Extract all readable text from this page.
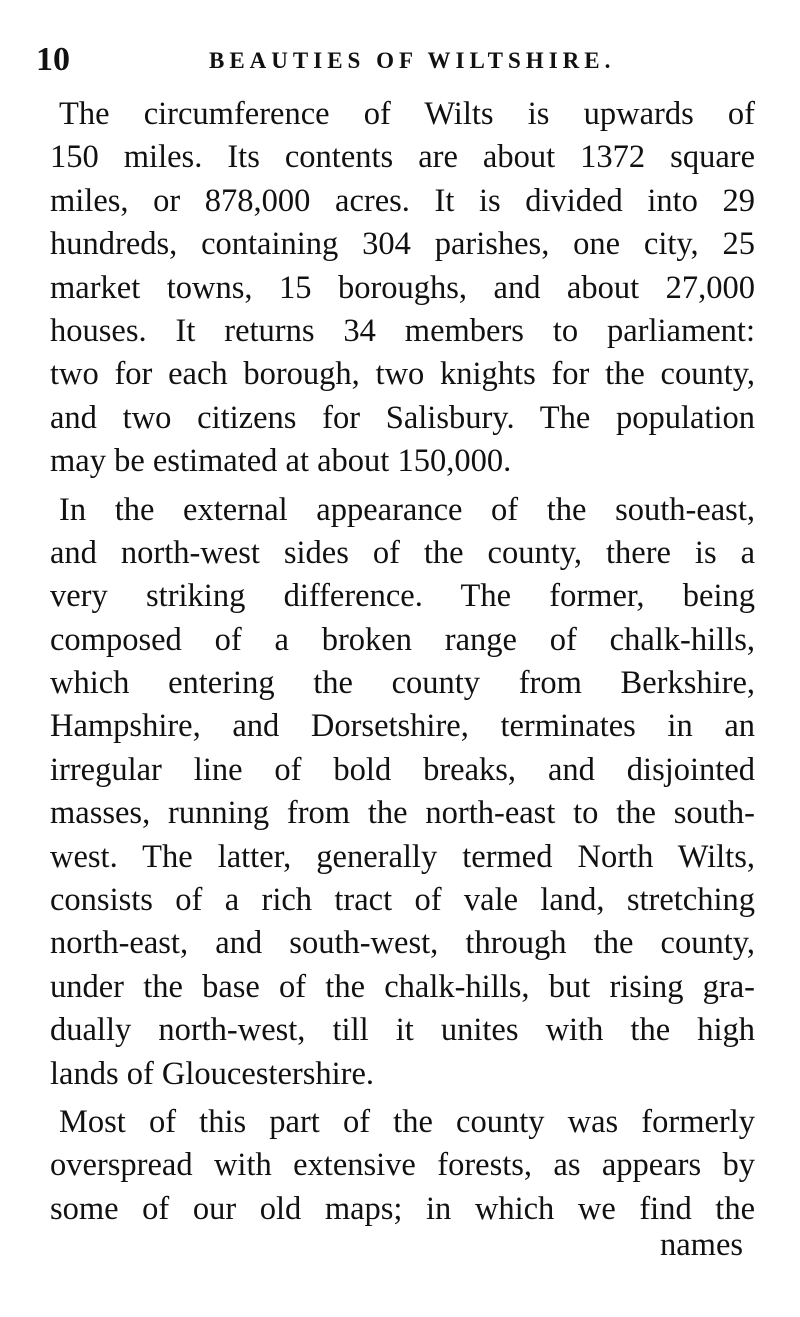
10	BEAUTIES OF WILTSHIRE.
The circumference of Wilts is upwards of
150 miles. Its contents are about 1372 square
miles, or 878,000 acres. It is divided into 29
hundreds, containing 304 parishes, one city, 25
market towns, 15 boroughs, and about 27,000
houses. It returns 34 members to parliament:
two for each borough, two knights for the county,
and two citizens for Salisbury. The population
may be estimated at about 150,000.
In the external appearance of the south-east,
and north-west sides of the county, there is a
very striking difference. The former, being
composed of a broken range of chalk-hills,
which entering the county from Berkshire,
Hampshire, and Dorsetshire, terminates in an
irregular line of bold breaks, and disjointed
masses, running from the north-east to the south-
west. The latter, generally termed North Wilts,
consists of a rich tract of vale land, stretching
north-east, and south-west, through the county,
under the base of the chalk-hills, but rising gra-
dually north-west, till it unites with the high
lands of Gloucestershire.
Most of this part of the county was formerly
overspread with extensive forests, as appears by
some of our old maps; in which we find the
names
